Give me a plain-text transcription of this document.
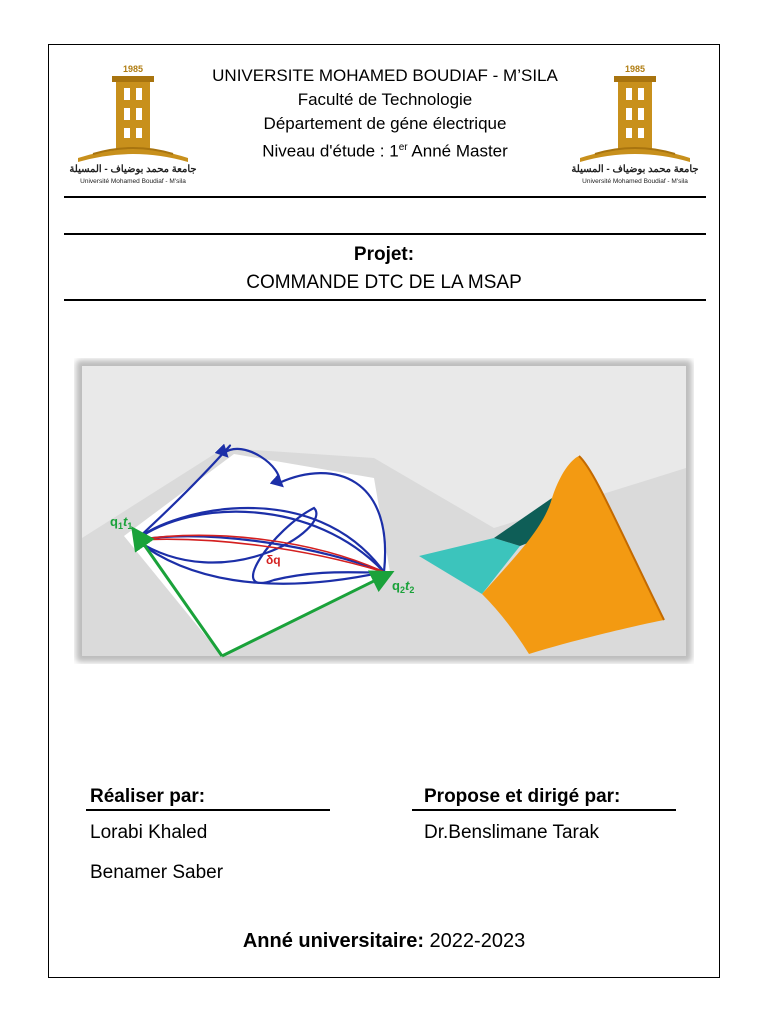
1985
جامعة محمد بوضياف - المسيلة
Université Mohamed Boudiaf - M'sila
1985
جامعة محمد بوضياف - المسيلة
Université Mohamed Boudiaf - M'sila
UNIVERSITE MOHAMED BOUDIAF - M’SILA
Faculté de Technologie
Département de géne électrique
Niveau d'étude : 1er Anné Master
Projet:
COMMANDE DTC DE LA MSAP
$q_1t_1$
$q_2t_2$
δq
Réaliser par:
Lorabi Khaled
Benamer Saber
Propose et dirigé par:
Dr.Benslimane Tarak
Anné universitaire: 2022-2023
